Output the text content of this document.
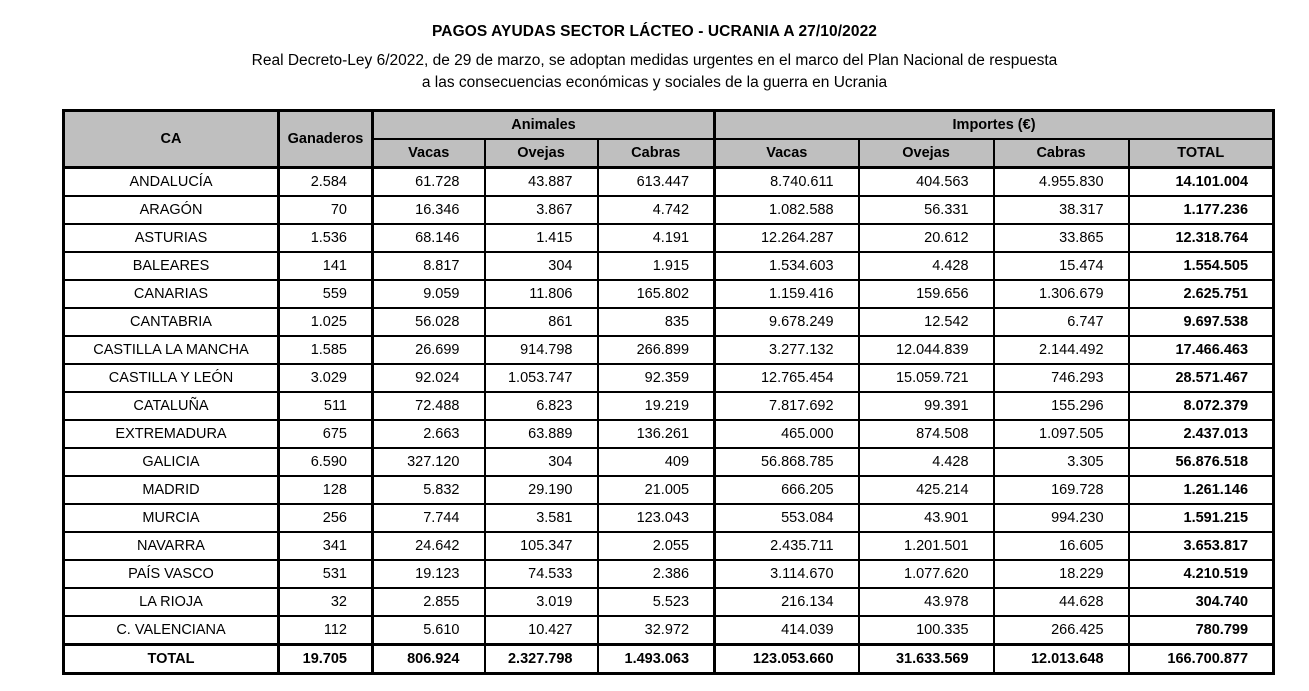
PAGOS AYUDAS SECTOR LÁCTEO - UCRANIA A 27/10/2022
Real Decreto-Ley 6/2022, de 29 de marzo, se adoptan medidas urgentes en el marco del Plan Nacional de respuesta
a las consecuencias económicas y sociales de la guerra en Ucrania
CA	Ganaderos	Animales			Importes (€)			
		Vacas	Ovejas	Cabras	Vacas	Ovejas	Cabras	TOTAL
ANDALUCÍA	2.584	61.728	43.887	613.447	8.740.611	404.563	4.955.830	14.101.004
ARAGÓN	70	16.346	3.867	4.742	1.082.588	56.331	38.317	1.177.236
ASTURIAS	1.536	68.146	1.415	4.191	12.264.287	20.612	33.865	12.318.764
BALEARES	141	8.817	304	1.915	1.534.603	4.428	15.474	1.554.505
CANARIAS	559	9.059	11.806	165.802	1.159.416	159.656	1.306.679	2.625.751
CANTABRIA	1.025	56.028	861	835	9.678.249	12.542	6.747	9.697.538
CASTILLA LA MANCHA	1.585	26.699	914.798	266.899	3.277.132	12.044.839	2.144.492	17.466.463
CASTILLA Y LEÓN	3.029	92.024	1.053.747	92.359	12.765.454	15.059.721	746.293	28.571.467
CATALUÑA	511	72.488	6.823	19.219	7.817.692	99.391	155.296	8.072.379
EXTREMADURA	675	2.663	63.889	136.261	465.000	874.508	1.097.505	2.437.013
GALICIA	6.590	327.120	304	409	56.868.785	4.428	3.305	56.876.518
MADRID	128	5.832	29.190	21.005	666.205	425.214	169.728	1.261.146
MURCIA	256	7.744	3.581	123.043	553.084	43.901	994.230	1.591.215
NAVARRA	341	24.642	105.347	2.055	2.435.711	1.201.501	16.605	3.653.817
PAÍS VASCO	531	19.123	74.533	2.386	3.114.670	1.077.620	18.229	4.210.519
LA RIOJA	32	2.855	3.019	5.523	216.134	43.978	44.628	304.740
C. VALENCIANA	112	5.610	10.427	32.972	414.039	100.335	266.425	780.799
TOTAL	19.705	806.924	2.327.798	1.493.063	123.053.660	31.633.569	12.013.648	166.700.877
